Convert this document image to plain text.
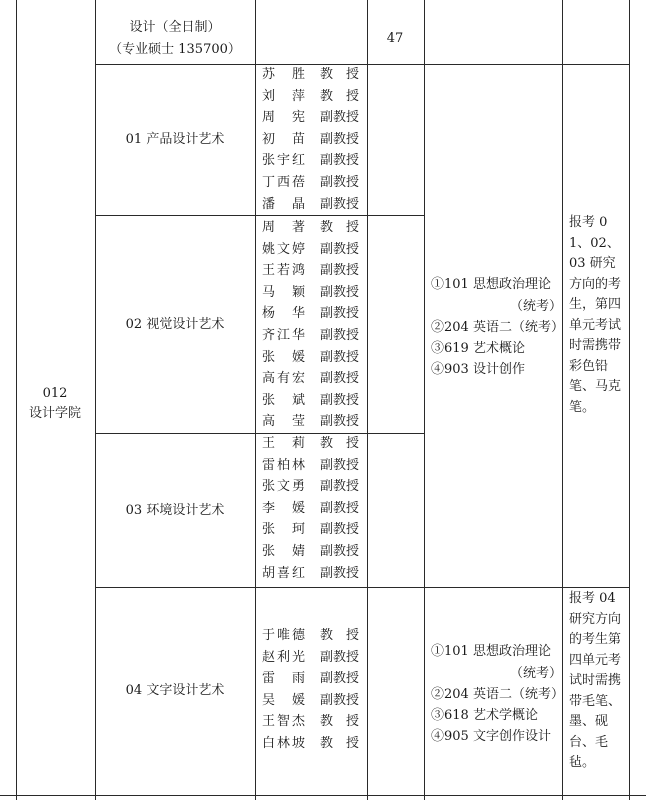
012
设计学院
设计（全日制）
（专业硕士 135700）
47
01 产品设计艺术
02 视觉设计艺术
03 环境设计艺术
04 文字设计艺术
苏　胜 教　授
刘　萍 教　授
周　宪 副教授
初　苗 副教授
张宇红 副教授
丁西蓓 副教授
潘　晶 副教授
周　著 教　授
姚文婷 副教授
王若鸿 副教授
马　颖 副教授
杨　华 副教授
齐江华 副教授
张　媛 副教授
高有宏 副教授
张　斌 副教授
高　莹 副教授
王　莉 教　授
雷柏林 副教授
张文勇 副教授
李　媛 副教授
张　珂 副教授
张　婧 副教授
胡喜红 副教授
于唯德 教　授
赵利光 副教授
雷　雨 副教授
吴　媛 副教授
王智杰 教　授
白林坡 教　授
①101 思想政治理论
（统考）
②204 英语二（统考）
③619 艺术概论
④903 设计创作
报考 01、02、03 研究方向的考生，第四单元考试时需携带彩色铅笔、马克笔。
①101 思想政治理论
（统考）
②204 英语二（统考）
③618 艺术学概论
④905 文字创作设计
报考 04 研究方向的考生第四单元考试时需携带毛笔、墨、砚台、毛毡。
